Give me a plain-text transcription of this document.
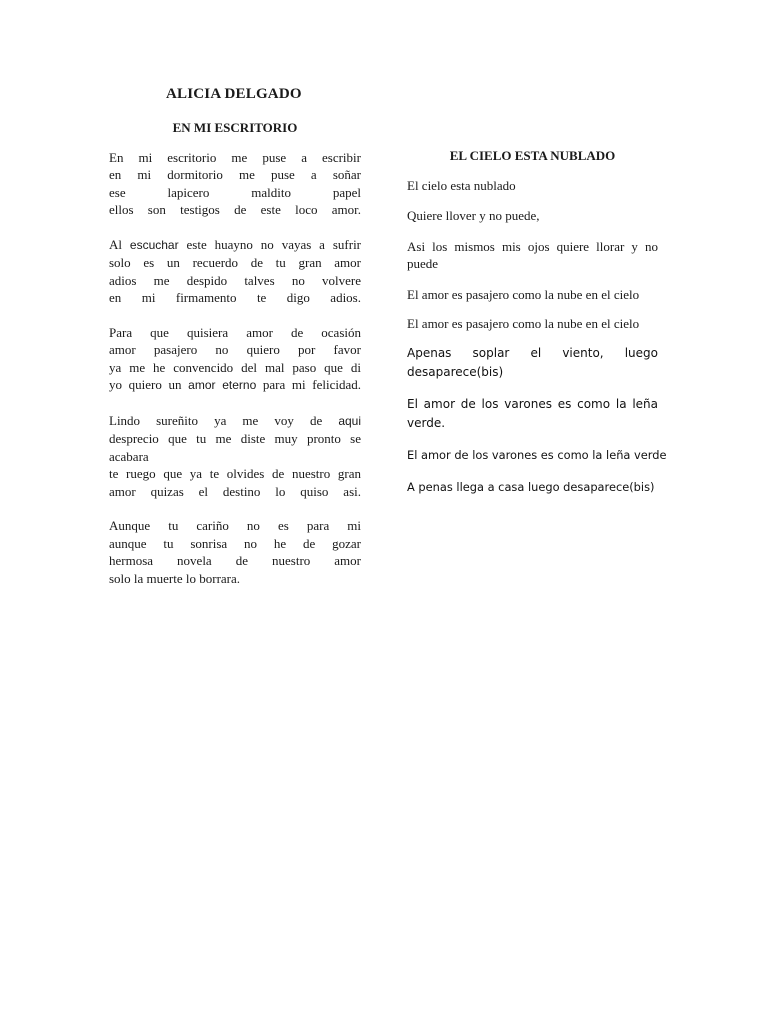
ALICIA DELGADO
EN MI ESCRITORIO
En mi escritorio me puse a escribir
en mi dormitorio me puse a soñar
ese lapicero maldito papel
ellos son testigos de este loco amor.
Al escuchar este huayno no vayas a sufrir
solo es un recuerdo de tu gran amor
adios me despido talves no volvere
en mi firmamento te digo adios.
Para que quisiera amor de ocasión
amor pasajero no quiero por favor
ya me he convencido del mal paso que di
yo quiero un amor eterno para mi felicidad.
Lindo sureñito ya me voy de aqui
desprecio que tu me diste muy pronto se acabara
te ruego que ya te olvides de nuestro gran
amor quizas el destino lo quiso asi.
Aunque tu cariño no es para mi
aunque tu sonrisa no he de gozar
hermosa novela de nuestro amor
solo la muerte lo borrara.
EL CIELO ESTA NUBLADO

El cielo esta nublado

Quiere llover y no puede,

Asi los mismos mis ojos quiere llorar y no puede

El amor es pasajero como la nube en el cielo

El amor es pasajero como la nube en el cielo

Apenas soplar el viento, luego desaparece(bis)

El amor de los varones es como la leña verde.

El amor de los varones es como la leña verde

A penas llega a casa luego desaparece(bis)
